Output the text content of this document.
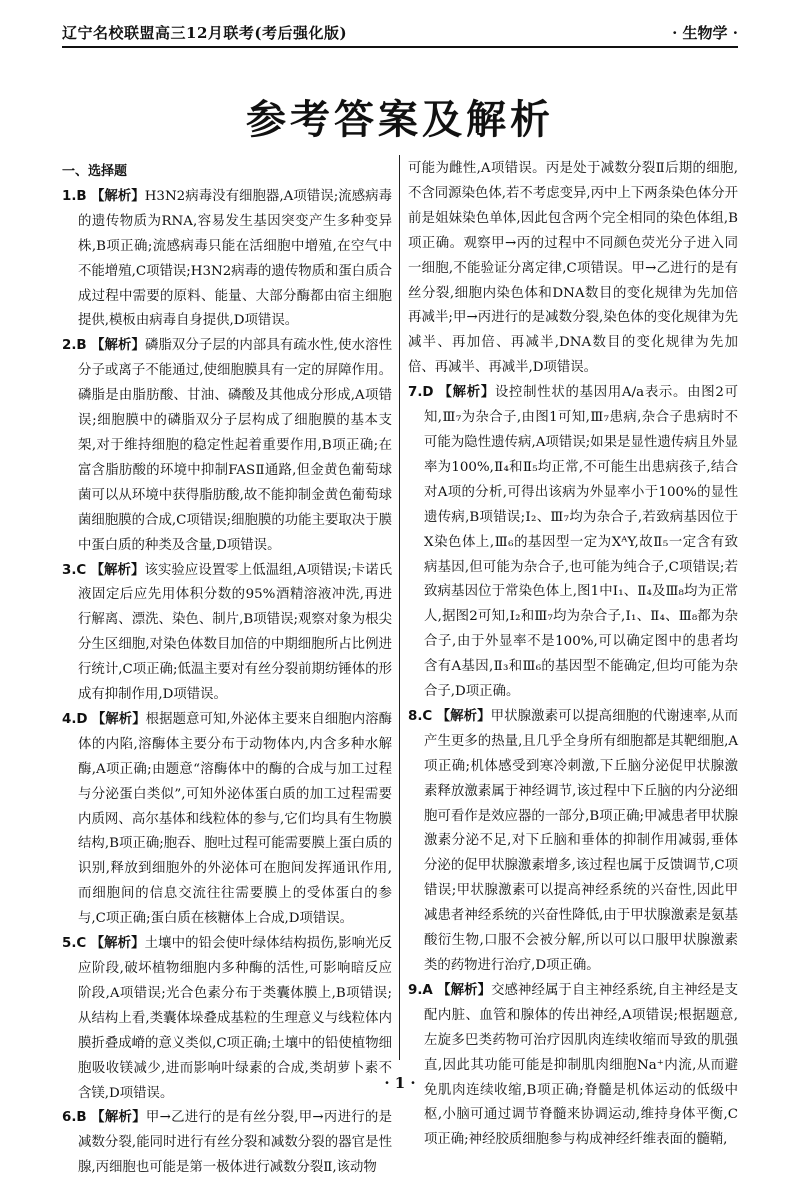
辽宁名校联盟高三12月联考(考后强化版)	· 生物学 ·
参考答案及解析
一、选择题

1.B 【解析】H3N2病毒没有细胞器,A项错误;流感病毒的遗传物质为RNA,容易发生基因突变产生多种变异株,B项正确;流感病毒只能在活细胞中增殖,在空气中不能增殖,C项错误;H3N2病毒的遗传物质和蛋白质合成过程中需要的原料、能量、大部分酶都由宿主细胞提供,模板由病毒自身提供,D项错误。

2.B 【解析】磷脂双分子层的内部具有疏水性,使水溶性分子或离子不能通过,使细胞膜具有一定的屏障作用。磷脂是由脂肪酸、甘油、磷酸及其他成分形成,A项错误;细胞膜中的磷脂双分子层构成了细胞膜的基本支架,对于维持细胞的稳定性起着重要作用,B项正确;在富含脂肪酸的环境中抑制FASⅡ通路,但金黄色葡萄球菌可以从环境中获得脂肪酸,故不能抑制金黄色葡萄球菌细胞膜的合成,C项错误;细胞膜的功能主要取决于膜中蛋白质的种类及含量,D项错误。

3.C 【解析】该实验应设置零上低温组,A项错误;卡诺氏液固定后应先用体积分数的95%酒精溶液冲洗,再进行解离、漂洗、染色、制片,B项错误;观察对象为根尖分生区细胞,对染色体数目加倍的中期细胞所占比例进行统计,C项正确;低温主要对有丝分裂前期纺锤体的形成有抑制作用,D项错误。

4.D 【解析】根据题意可知,外泌体主要来自细胞内溶酶体的内陷,溶酶体主要分布于动物体内,内含多种水解酶,A项正确;由题意“溶酶体中的酶的合成与加工过程与分泌蛋白类似”,可知外泌体蛋白质的加工过程需要内质网、高尔基体和线粒体的参与,它们均具有生物膜结构,B项正确;胞吞、胞吐过程可能需要膜上蛋白质的识别,释放到细胞外的外泌体可在胞间发挥通讯作用,而细胞间的信息交流往往需要膜上的受体蛋白的参与,C项正确;蛋白质在核糖体上合成,D项错误。

5.C 【解析】土壤中的铅会使叶绿体结构损伤,影响光反应阶段,破坏植物细胞内多种酶的活性,可影响暗反应阶段,A项错误;光合色素分布于类囊体膜上,B项错误;从结构上看,类囊体垛叠成基粒的生理意义与线粒体内膜折叠成嵴的意义类似,C项正确;土壤中的铅使植物细胞吸收镁减少,进而影响叶绿素的合成,类胡萝卜素不含镁,D项错误。

6.B 【解析】甲→乙进行的是有丝分裂,甲→丙进行的是减数分裂,能同时进行有丝分裂和减数分裂的器官是性腺,丙细胞也可能是第一极体进行减数分裂Ⅱ,该动物

可能为雌性,A项错误。丙是处于减数分裂Ⅱ后期的细胞,不含同源染色体,若不考虑变异,丙中上下两条染色体分开前是姐妹染色单体,因此包含两个完全相同的染色体组,B项正确。观察甲→丙的过程中不同颜色荧光分子进入同一细胞,不能验证分离定律,C项错误。甲→乙进行的是有丝分裂,细胞内染色体和DNA数目的变化规律为先加倍再减半;甲→丙进行的是减数分裂,染色体的变化规律为先减半、再加倍、再减半,DNA数目的变化规律为先加倍、再减半、再减半,D项错误。

7.D 【解析】设控制性状的基因用A/a表示。由图2可知,Ⅲ₇为杂合子,由图1可知,Ⅲ₇患病,杂合子患病时不可能为隐性遗传病,A项错误;如果是显性遗传病且外显率为100%,Ⅱ₄和Ⅱ₅均正常,不可能生出患病孩子,结合对A项的分析,可得出该病为外显率小于100%的显性遗传病,B项错误;Ⅰ₂、Ⅲ₇均为杂合子,若致病基因位于X染色体上,Ⅲ₆的基因型一定为XᴬY,故Ⅱ₅一定含有致病基因,但可能为杂合子,也可能为纯合子,C项错误;若致病基因位于常染色体上,图1中Ⅰ₁、Ⅱ₄及Ⅲ₈均为正常人,据图2可知,Ⅰ₂和Ⅲ₇均为杂合子,Ⅰ₁、Ⅱ₄、Ⅲ₈都为杂合子,由于外显率不是100%,可以确定图中的患者均含有A基因,Ⅱ₃和Ⅲ₆的基因型不能确定,但均可能为杂合子,D项正确。

8.C 【解析】甲状腺激素可以提高细胞的代谢速率,从而产生更多的热量,且几乎全身所有细胞都是其靶细胞,A项正确;机体感受到寒冷刺激,下丘脑分泌促甲状腺激素释放激素属于神经调节,该过程中下丘脑的内分泌细胞可看作是效应器的一部分,B项正确;甲减患者甲状腺激素分泌不足,对下丘脑和垂体的抑制作用减弱,垂体分泌的促甲状腺激素增多,该过程也属于反馈调节,C项错误;甲状腺激素可以提高神经系统的兴奋性,因此甲减患者神经系统的兴奋性降低,由于甲状腺激素是氨基酸衍生物,口服不会被分解,所以可以口服甲状腺激素类的药物进行治疗,D项正确。

9.A 【解析】交感神经属于自主神经系统,自主神经是支配内脏、血管和腺体的传出神经,A项错误;根据题意,左旋多巴类药物可治疗因肌肉连续收缩而导致的肌强直,因此其功能可能是抑制肌肉细胞Na⁺内流,从而避免肌肉连续收缩,B项正确;脊髓是机体运动的低级中枢,小脑可通过调节脊髓来协调运动,维持身体平衡,C项正确;神经胶质细胞参与构成神经纤维表面的髓鞘,

· 1 ·
